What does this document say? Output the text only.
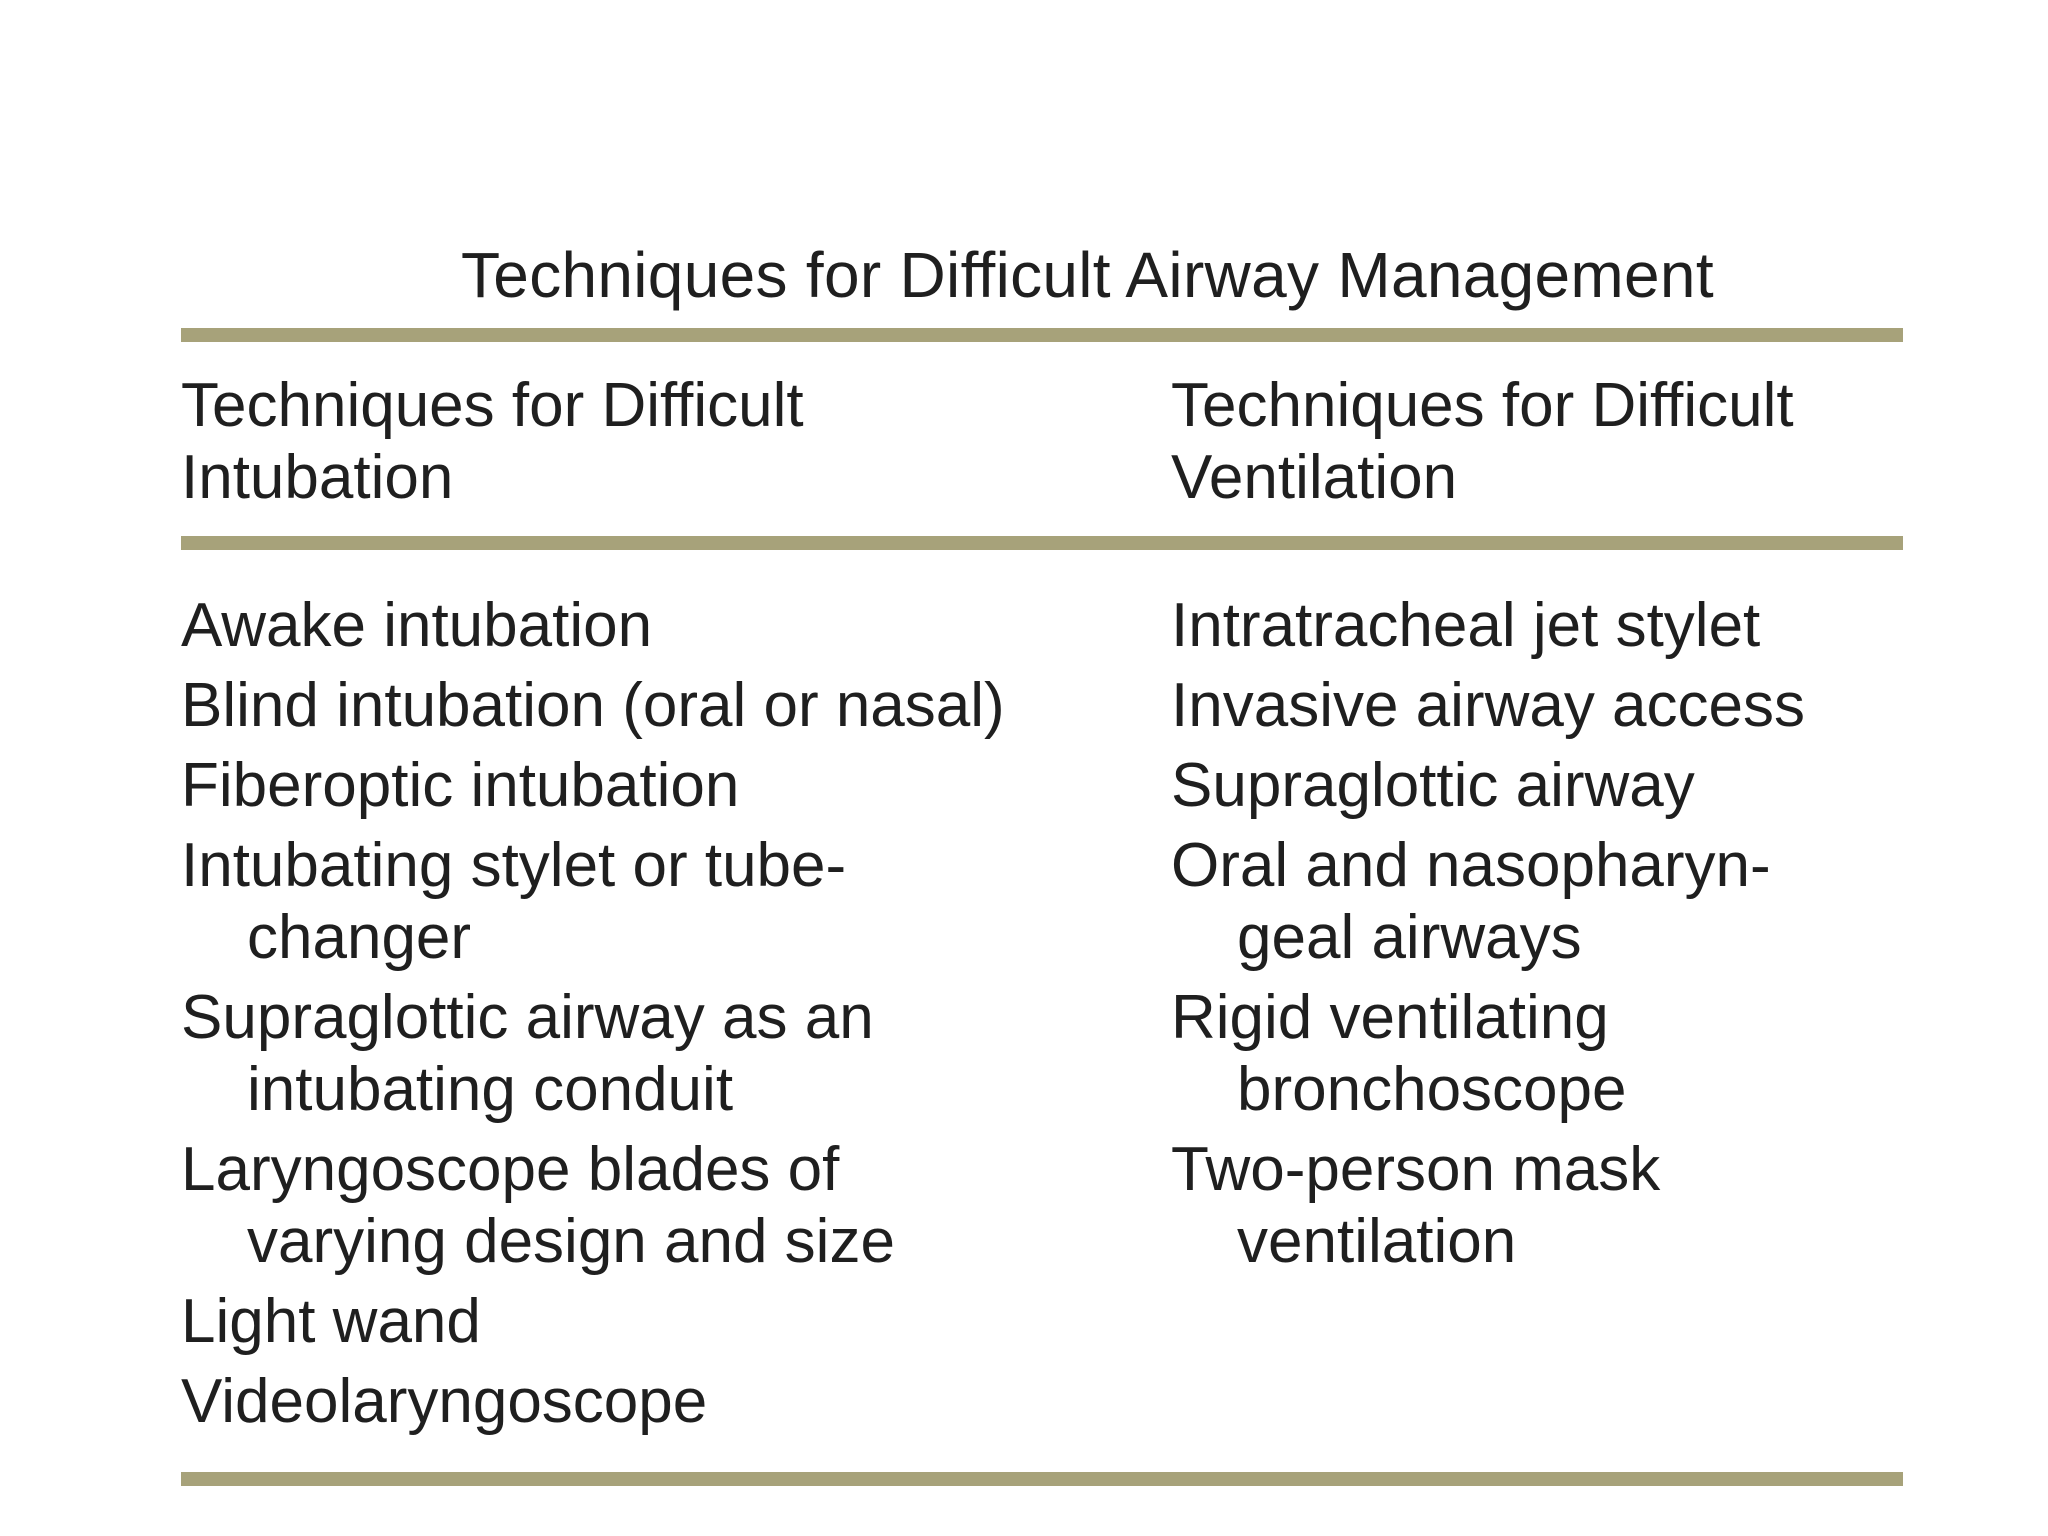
Techniques for Difficult Airway Management
Techniques for Difficult Intubation
Techniques for Difficult Ventilation
Awake intubation
Blind intubation (oral or nasal)
Fiberoptic intubation
Intubating stylet or tube-changer
Supraglottic airway as an intubating conduit
Laryngoscope blades of varying design and size
Light wand
Videolaryngoscope
Intratracheal jet stylet
Invasive airway access
Supraglottic airway
Oral and nasopharyn-geal airways
Rigid ventilating bronchoscope
Two-person mask ventilation
